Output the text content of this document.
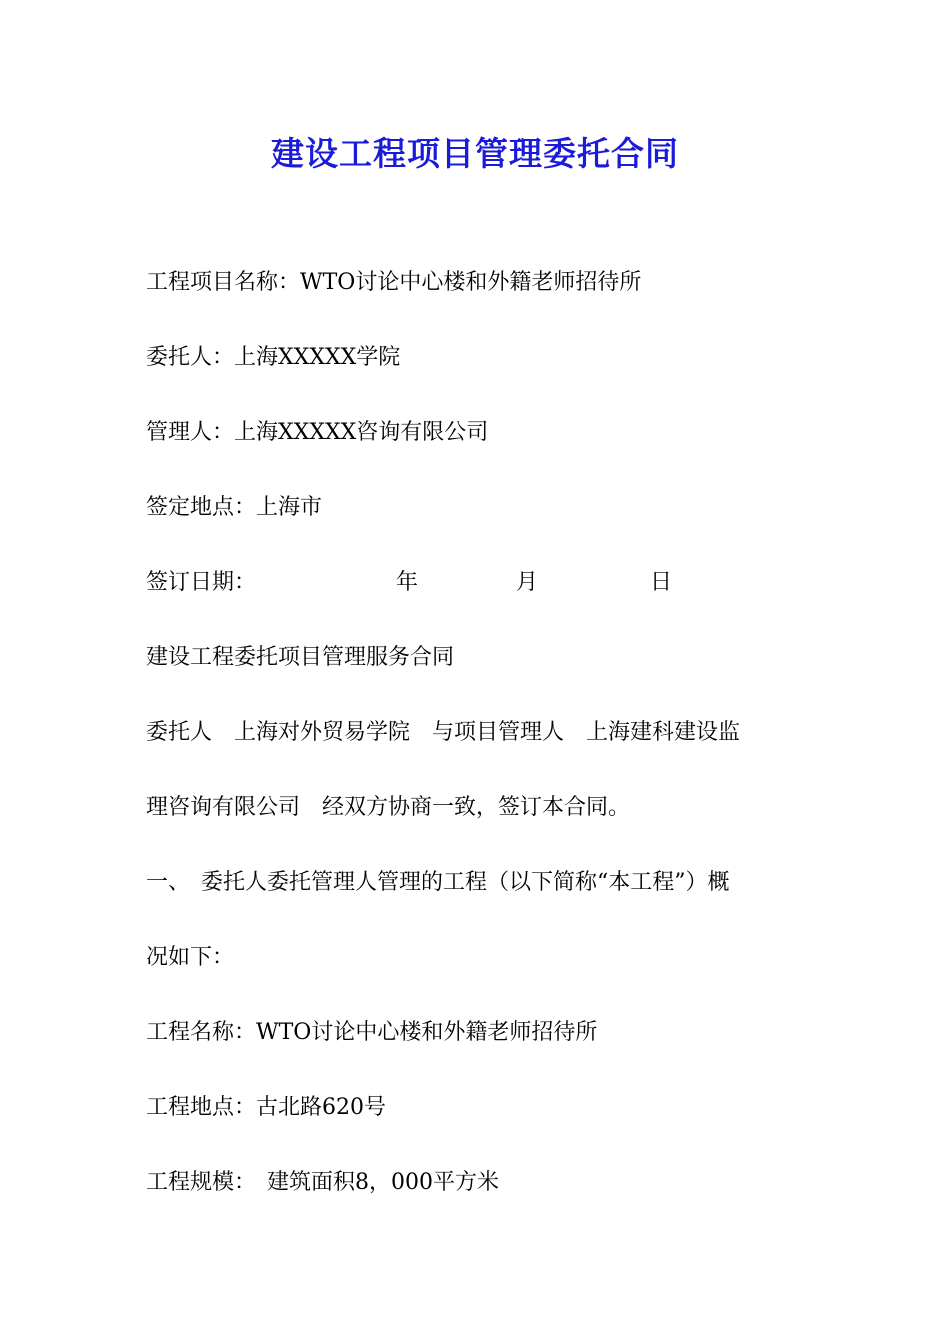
建设工程项目管理委托合同
工程项目名称：WTO讨论中心楼和外籍老师招待所
委托人：上海XXXXX学院
管理人：上海XXXXX咨询有限公司
签定地点：上海市
签订日期：	年	月	日
建设工程委托项目管理服务合同
委托人　上海对外贸易学院　与项目管理人　上海建科建设监
理咨询有限公司　经双方协商一致，签订本合同。
一、　委托人委托管理人管理的工程（以下简称“本工程”）概
况如下：
工程名称：WTO讨论中心楼和外籍老师招待所
工程地点：古北路620号
工程规模：　建筑面积8，000平方米
